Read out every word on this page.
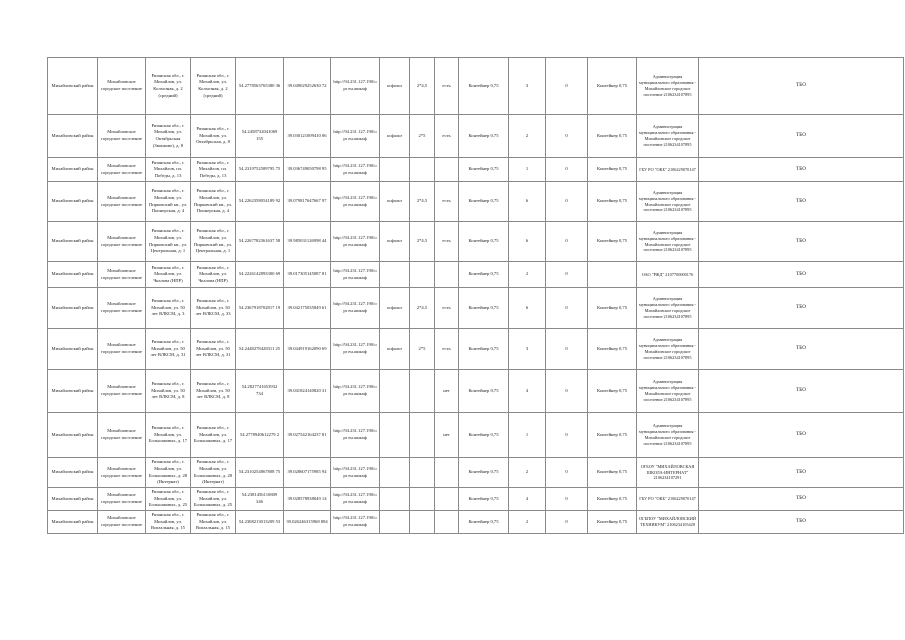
Михайловский район	Михайловское городское поселение	Рязанская обл., г. Михайлов, ул. Колхозная, д. 2 (средний)	Рязанская обл., г. Михайлов, ул. Колхозная, д. 2 (средний)	54.2778563765380 36	39.049029252630 72	http://94.231.127.190/opr ен.ашкаф	асфальт	2*4,5	есть	Контейнер 0,75	3	0	Контейнер 0,75	Администрация муниципального образования - Михайловское городское поселение 2106234107895	ТБО
Михайловский район	Михайловское городское поселение	Рязанская обл., г. Михайлов, ул. Октябрьская (Звонково), д. 8	Рязанская обл., г. Михайлов, ул. Октябрьская, д. 8	54.2458732041069 155	39.030121009410 06	http://94.231.127.190/opr ен.ашкаф	асфальт	2*5	есть	Контейнер 0,75	2	0	Контейнер 0,75	Администрация муниципального образования - Михайловское городское поселение 2106234107895	ТБО
Михайловский район	Михайловское городское поселение	Рязанская обл., г. Михайлов, пл. Победы, д. 13	Рязанская обл., г. Михайлов, пл. Победы, д. 13	54.2319752589795 75	39.036749050798 95	http://94.231.127.190/opr ен.ашкаф				Контейнер 0,75	1	0	Контейнер 0,75	ГБУ РО "ОКБ" 2106229070147	ТБО
Михайловский район	Михайловское городское поселение	Рязанская обл., г. Михайлов, ул. Пирковский кв., ул. Пионерская, д. 4	Рязанская обл., г. Михайлов, ул. Пирковский кв., ул. Пионерская, д. 4	54.2262358054189 92	39.079817647667 97	http://94.231.127.190/opr ен.ашкаф	асфальт	2*4,5	есть	Контейнер 0,75	6	0	Контейнер 0,75	Администрация муниципального образования - Михайловское городское поселение 2106234107895	ТБО
Михайловский район	Михайловское городское поселение	Рязанская обл., г. Михайлов, ул. Пирковский кв., ул. Центральная, д. 1	Рязанская обл., г. Михайлов, ул. Пирковский кв., ул. Центральная, д. 1	54.2267782361637 58	39.985031126998 44	http://94.231.127.190/opr ен.ашкаф	асфальт	2*4,5	есть	Контейнер 0,75	6	0	Контейнер 0,75	Администрация муниципального образования - Михайловское городское поселение 2106234107895	ТБО
Михайловский район	Михайловское городское поселение	Рязанская обл., г. Михайлов, ул. Чкалова (НПР)	Рязанская обл., г. Михайлов, ул. Чкалова (НПР)	54.2226142893300 69	39.017305145087 81	http://94.231.127.190/opr ен.ашкаф				Контейнер 0,75	2	0		ОАО "РЖД" 2107700000176	ТБО
Михайловский район	Михайловское городское поселение	Рязанская обл., г. Михайлов, ул. 50 лет ВЛКСМ, д. 3	Рязанская обл., г. Михайлов, ул. 50 лет ВЛКСМ, д. 33	54.2367918702817 19	39.042175035849 61	http://94.231.127.190/opr ен.ашкаф	асфальт	2*4,5	есть	Контейнер 0,75	6	0	Контейнер 0,75	Администрация муниципального образования - Михайловское городское поселение 2106234107895	ТБО
Михайловский район	Михайловское городское поселение	Рязанская обл., г. Михайлов, ул. 50 лет ВЛКСМ, д. 31	Рязанская обл., г. Михайлов, ул. 50 лет ВЛКСМ, д. 31	54.2448278428311 25	39.044919162090 69	http://94.231.127.190/opr ен.ашкаф	асфальт	2*5	есть	Контейнер 0,75	3	0	Контейнер 0,75	Администрация муниципального образования - Михайловское городское поселение 2106234107895	ТБО
Михайловский район	Михайловское городское поселение	Рязанская обл., г. Михайлов, ул. 50 лет ВЛКСМ, д. 8	Рязанская обл., г. Михайлов, ул. 50 лет ВЛКСМ, д. 8	54.2827741653932 734	39.041824140820 31	http://94.231.127.190/opr ен.ашкаф			нет	Контейнер 0,75	4	0	Контейнер 0,75	Администрация муниципального образования - Михайловское городское поселение 2106234107895	ТБО
Михайловский район	Михайловское городское поселение	Рязанская обл., г. Михайлов, ул. Большаковых, д. 17	Рязанская обл., г. Михайлов, ул. Большаковых, д. 17	54.2778940612279 2	39.027542164237 81	http://94.231.127.190/opr ен.ашкаф			нет	Контейнер 0,75	1	0	Контейнер 0,75	Администрация муниципального образования - Михайловское городское поселение 2106234107895	ТБО
Михайловский район	Михайловское городское поселение	Рязанская обл., г. Михайлов, ул. Большаковых, д. 28 (Интернат)	Рязанская обл., г. Михайлов, ул. Большаковых, д. 28 (Интернат)	54.2310254867808 75	39.028607175985 94	http://94.231.127.190/opr ен.ашкаф				Контейнер 0,75	2	0	Контейнер 0,75	ОГБОУ "МИХАЙЛОВСКАЯ ШКОЛА-ИНТЕРНАТ" 2106234107291	ТБО
Михайловский район	Михайловское городское поселение	Рязанская обл., г. Михайлов, ул. Большаковых, д. 25	Рязанская обл., г. Михайлов, ул. Большаковых, д. 25	54.2381456110809 346	39.028578938049 14	http://94.231.127.190/opr ен.ашкаф				Контейнер 0,75	4	0	Контейнер 0,75	ГБУ РО "ОКБ" 2106229070147	ТБО
Михайловский район	Михайловское городское поселение	Рязанская обл., г. Михайлов, ул. Вокзальная, д. 15	Рязанская обл., г. Михайлов, ул. Вокзальная, д. 15	54.2308213013209 53	39.026246315968 884	http://94.231.127.190/opr ен.ашкаф				Контейнер 0,75	2	0	Контейнер 0,75	ОГБПОУ "МИХАЙЛОВСКИЙ ТЕХНИКУМ" 2106234105428	ТБО
